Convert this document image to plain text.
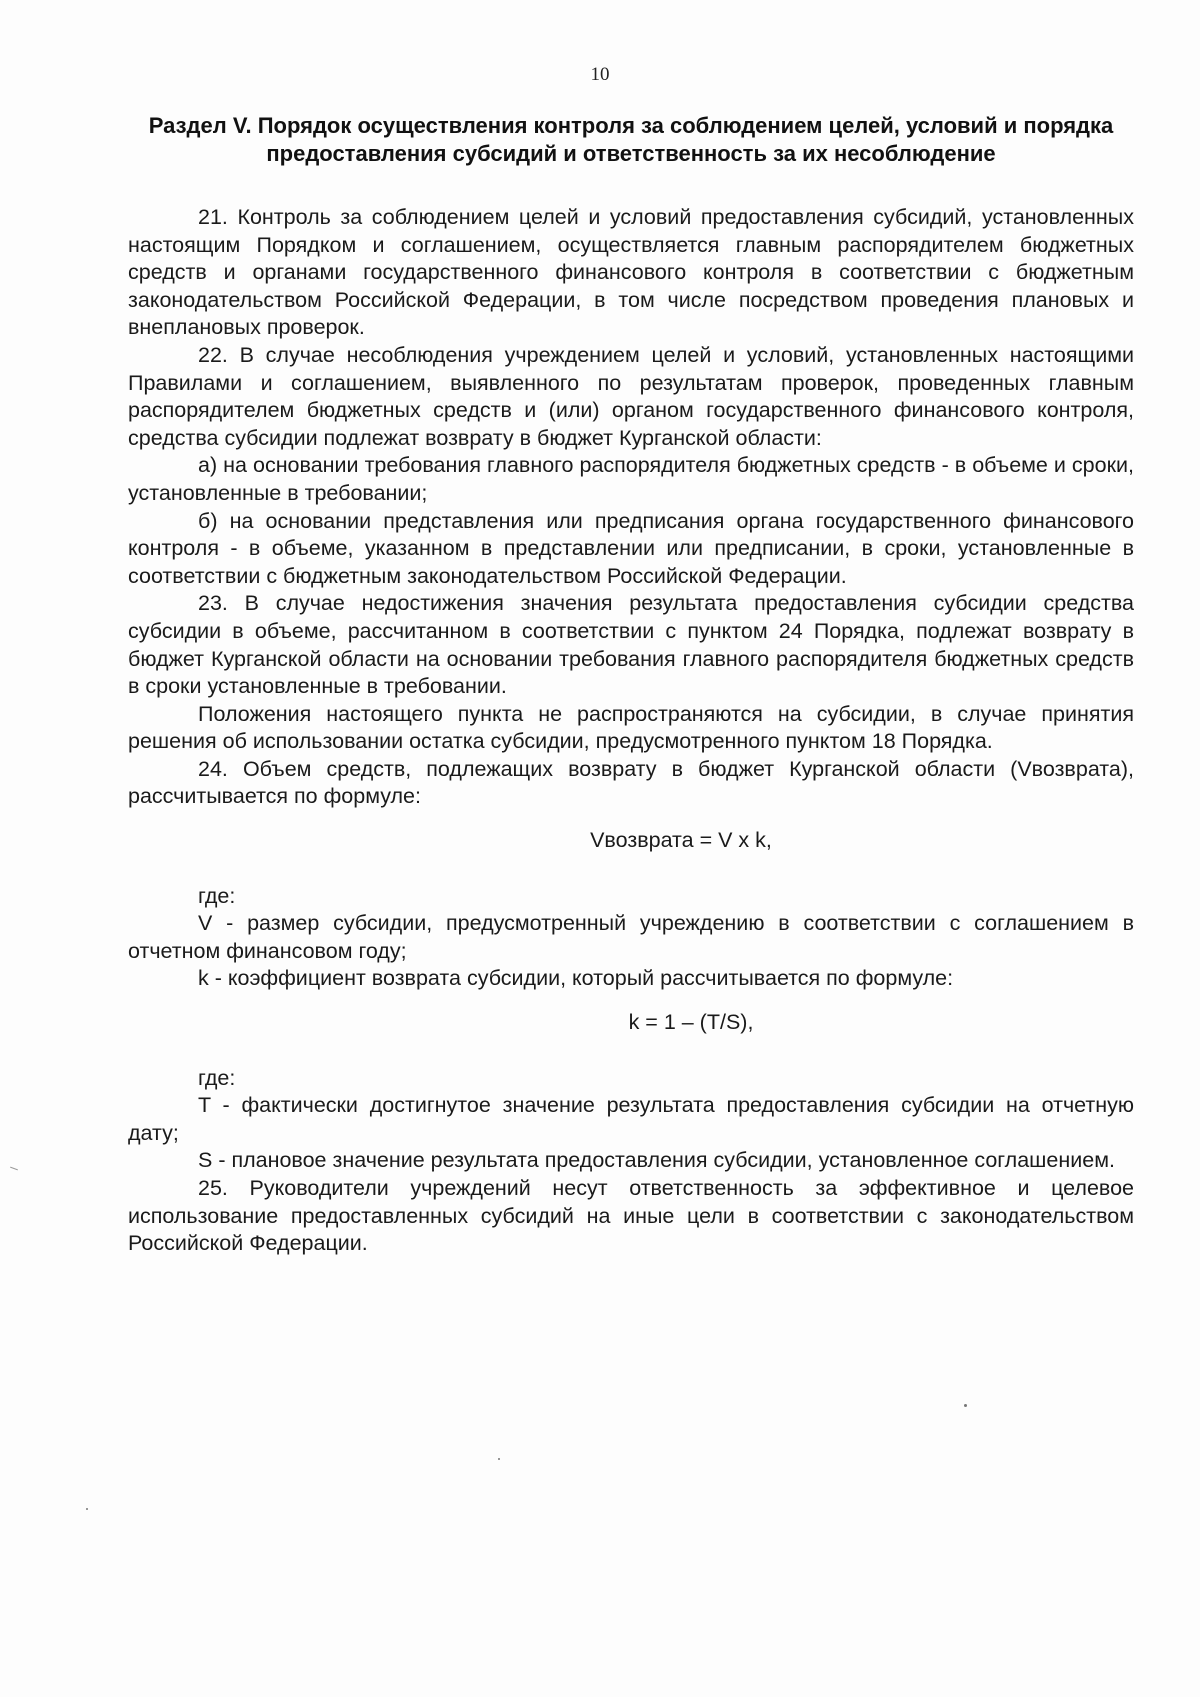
10
Раздел V. Порядок осуществления контроля за соблюдением целей, условий и порядка предоставления субсидий и ответственность за их несоблюдение

21. Контроль за соблюдением целей и условий предоставления субсидий, установленных настоящим Порядком и соглашением, осуществляется главным распорядителем бюджетных средств и органами государственного финансового контроля в соответствии с бюджетным законодательством Российской Федерации, в том числе посредством проведения плановых и внеплановых проверок.

22. В случае несоблюдения учреждением целей и условий, установленных настоящими Правилами и соглашением, выявленного по результатам проверок, проведенных главным распорядителем бюджетных средств и (или) органом государственного финансового контроля, средства субсидии подлежат возврату в бюджет Курганской области:

а) на основании требования главного распорядителя бюджетных средств - в объеме и сроки, установленные в требовании;

б) на основании представления или предписания органа государственного финансового контроля - в объеме, указанном в представлении или предписании, в сроки, установленные в соответствии с бюджетным законодательством Российской Федерации.

23. В случае недостижения значения результата предоставления субсидии средства субсидии в объеме, рассчитанном в соответствии с пунктом 24 Порядка, подлежат возврату в бюджет Курганской области на основании требования главного распорядителя бюджетных средств в сроки установленные в требовании.

Положения настоящего пункта не распространяются на субсидии, в случае принятия решения об использовании остатка субсидии, предусмотренного пунктом 18 Порядка.

24. Объем средств, подлежащих возврату в бюджет Курганской области (Vвозврата), рассчитывается по формуле:

Vвозврата = V x k,

где:

V - размер субсидии, предусмотренный учреждению в соответствии с соглашением в отчетном финансовом году;

k - коэффициент возврата субсидии, который рассчитывается по формуле:

k = 1 – (T/S),

где:

T - фактически достигнутое значение результата предоставления субсидии на отчетную дату;

S - плановое значение результата предоставления субсидии, установленное соглашением.

25. Руководители учреждений несут ответственность за эффективное и целевое использование предоставленных субсидий на иные цели в соответствии с законодательством Российской Федерации.
